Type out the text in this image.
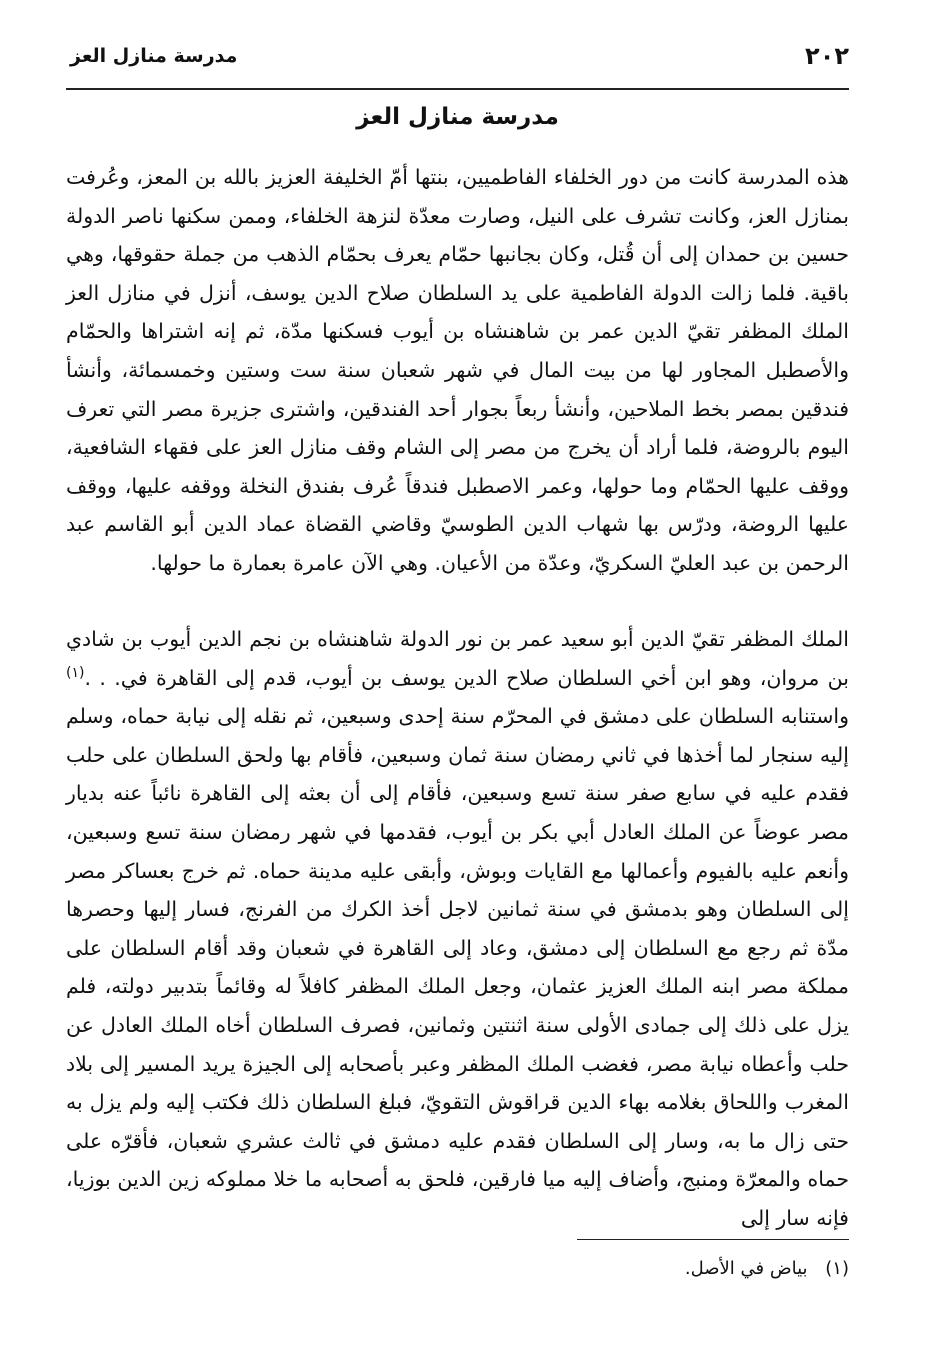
٢٠٢
مدرسة منازل العز
مدرسة منازل العز

هذه المدرسة كانت من دور الخلفاء الفاطميين، بنتها أمّ الخليفة العزيز بالله بن المعز، وعُرفت بمنازل العز، وكانت تشرف على النيل، وصارت معدّة لنزهة الخلفاء، وممن سكنها ناصر الدولة حسين بن حمدان إلى أن قُتل، وكان بجانبها حمّام يعرف بحمّام الذهب من جملة حقوقها، وهي باقية. فلما زالت الدولة الفاطمية على يد السلطان صلاح الدين يوسف، أنزل في منازل العز الملك المظفر تقيّ الدين عمر بن شاهنشاه بن أيوب فسكنها مدّة، ثم إنه اشتراها والحمّام والأصطبل المجاور لها من بيت المال في شهر شعبان سنة ست وستين وخمسمائة، وأنشأ فندقين بمصر بخط الملاحين، وأنشأ ربعاً بجوار أحد الفندقين، واشترى جزيرة مصر التي تعرف اليوم بالروضة، فلما أراد أن يخرج من مصر إلى الشام وقف منازل العز على فقهاء الشافعية، ووقف عليها الحمّام وما حولها، وعمر الاصطبل فندقاً عُرف بفندق النخلة ووقفه عليها، ووقف عليها الروضة، ودرّس بها شهاب الدين الطوسيّ وقاضي القضاة عماد الدين أبو القاسم عبد الرحمن بن عبد العليّ السكريّ، وعدّة من الأعيان. وهي الآن عامرة بعمارة ما حولها.

الملك المظفر تقيّ الدين أبو سعيد عمر بن نور الدولة شاهنشاه بن نجم الدين أيوب بن شادي بن مروان، وهو ابن أخي السلطان صلاح الدين يوسف بن أيوب، قدم إلى القاهرة في. . .$^{(١)}$ واستنابه السلطان على دمشق في المحرّم سنة إحدى وسبعين، ثم نقله إلى نيابة حماه، وسلم إليه سنجار لما أخذها في ثاني رمضان سنة ثمان وسبعين، فأقام بها ولحق السلطان على حلب فقدم عليه في سابع صفر سنة تسع وسبعين، فأقام إلى أن بعثه إلى القاهرة نائباً عنه بديار مصر عوضاً عن الملك العادل أبي بكر بن أيوب، فقدمها في شهر رمضان سنة تسع وسبعين، وأنعم عليه بالفيوم وأعمالها مع القايات وبوش، وأبقى عليه مدينة حماه. ثم خرج بعساكر مصر إلى السلطان وهو بدمشق في سنة ثمانين لاجل أخذ الكرك من الفرنج، فسار إليها وحصرها مدّة ثم رجع مع السلطان إلى دمشق، وعاد إلى القاهرة في شعبان وقد أقام السلطان على مملكة مصر ابنه الملك العزيز عثمان، وجعل الملك المظفر كافلاً له وقائماً بتدبير دولته، فلم يزل على ذلك إلى جمادى الأولى سنة اثنتين وثمانين، فصرف السلطان أخاه الملك العادل عن حلب وأعطاه نيابة مصر، فغضب الملك المظفر وعبر بأصحابه إلى الجيزة يريد المسير إلى بلاد المغرب واللحاق بغلامه بهاء الدين قراقوش التقويّ، فبلغ السلطان ذلك فكتب إليه ولم يزل به حتى زال ما به، وسار إلى السلطان فقدم عليه دمشق في ثالث عشري شعبان، فأقرّه على حماه والمعرّة ومنبج، وأضاف إليه ميا فارقين، فلحق به أصحابه ما خلا مملوكه زين الدين بوزيا، فإنه سار إلى

(١) بياض في الأصل.
